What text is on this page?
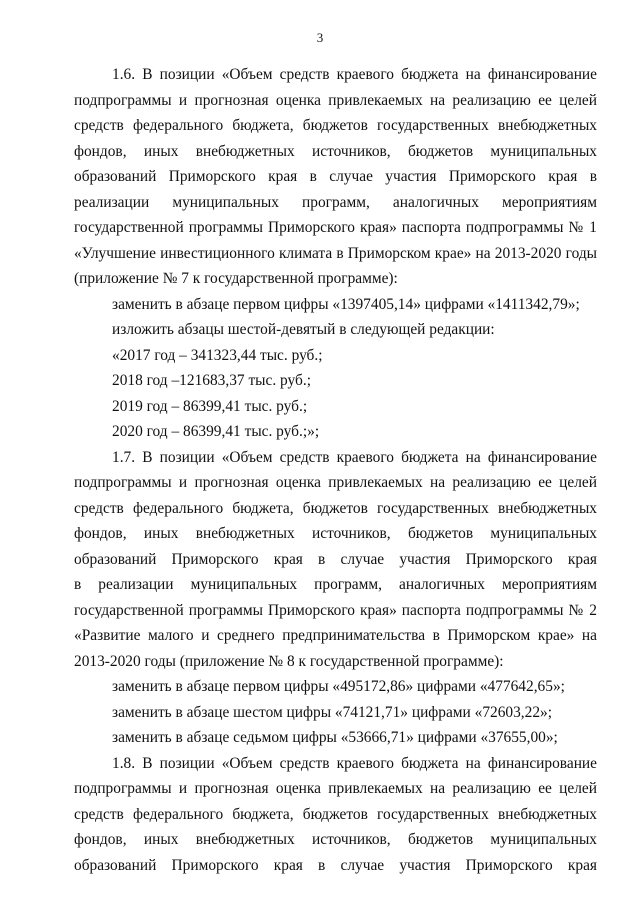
3
1.6. В позиции «Объем средств краевого бюджета на финансирование
подпрограммы и прогнозная оценка привлекаемых на реализацию ее целей
средств федерального бюджета, бюджетов государственных внебюджетных
фондов, иных внебюджетных источников, бюджетов муниципальных
образований Приморского края в случае участия Приморского края в
реализации муниципальных программ, аналогичных мероприятиям
государственной программы Приморского края» паспорта подпрограммы № 1
«Улучшение инвестиционного климата в Приморском крае» на 2013-2020 годы
(приложение № 7 к государственной программе):
заменить в абзаце первом цифры «1397405,14» цифрами «1411342,79»;
изложить абзацы шестой-девятый в следующей редакции:
«2017 год – 341323,44 тыс. руб.;
2018 год –121683,37 тыс. руб.;
2019 год – 86399,41 тыс. руб.;
2020 год – 86399,41 тыс. руб.;»;
1.7. В позиции «Объем средств краевого бюджета на финансирование
подпрограммы и прогнозная оценка привлекаемых на реализацию ее целей
средств федерального бюджета, бюджетов государственных внебюджетных
фондов, иных внебюджетных источников, бюджетов муниципальных
образований Приморского края в случае участия Приморского края
в реализации муниципальных программ, аналогичных мероприятиям
государственной программы Приморского края» паспорта подпрограммы № 2
«Развитие малого и среднего предпринимательства в Приморском крае» на
2013-2020 годы (приложение № 8 к государственной программе):
заменить в абзаце первом цифры «495172,86» цифрами «477642,65»;
заменить в абзаце шестом цифры «74121,71» цифрами «72603,22»;
заменить в абзаце седьмом цифры «53666,71» цифрами «37655,00»;
1.8. В позиции «Объем средств краевого бюджета на финансирование
подпрограммы и прогнозная оценка привлекаемых на реализацию ее целей
средств федерального бюджета, бюджетов государственных внебюджетных
фондов, иных внебюджетных источников, бюджетов муниципальных
образований Приморского края в случае участия Приморского края
